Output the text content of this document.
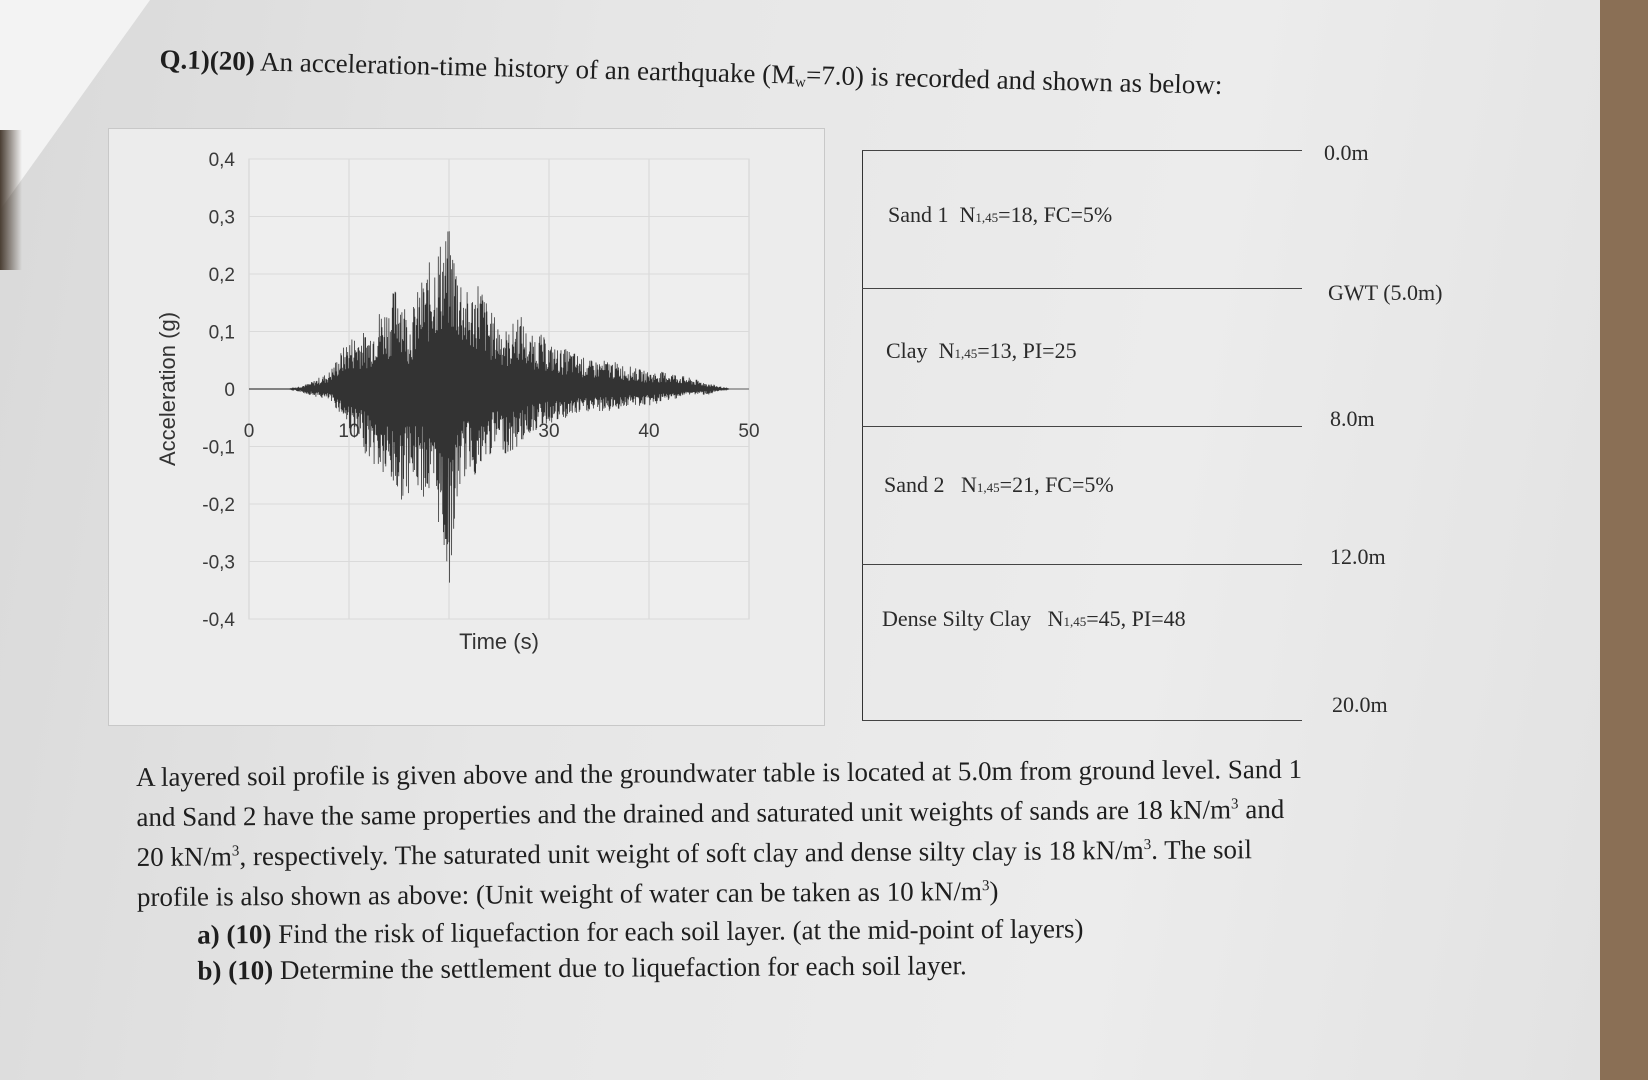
Q.1)(20) An acceleration-time history of an earthquake (Mw=7.0) is recorded and shown as below:
0,4
0,3
0,2
0,1
0
-0,1
-0,2
-0,3
-0,4
0	10	20	30	40	50
Time (s)
Acceleration (g)
0.0m
GWT (5.0m)
8.0m
12.0m
20.0m
Sand 1 N1,45=18, FC=5%
Clay N1,45=13, PI=25
Sand 2 N1,45=21, FC=5%
Dense Silty Clay N1,45=45, PI=48

A layered soil profile is given above and the groundwater table is located at 5.0m from ground level. Sand 1

and Sand 2 have the same properties and the drained and saturated unit weights of sands are 18 $kN/m^3$ and

20 $kN/m^3$, respectively. The saturated unit weight of soft clay and dense silty clay is 18 $kN/m^3$. The soil

profile is also shown as above: (Unit weight of water can be taken as 10 $kN/m^3$)

a) (10) Find the risk of liquefaction for each soil layer. (at the mid-point of layers)
b) (10) Determine the settlement due to liquefaction for each soil layer.
